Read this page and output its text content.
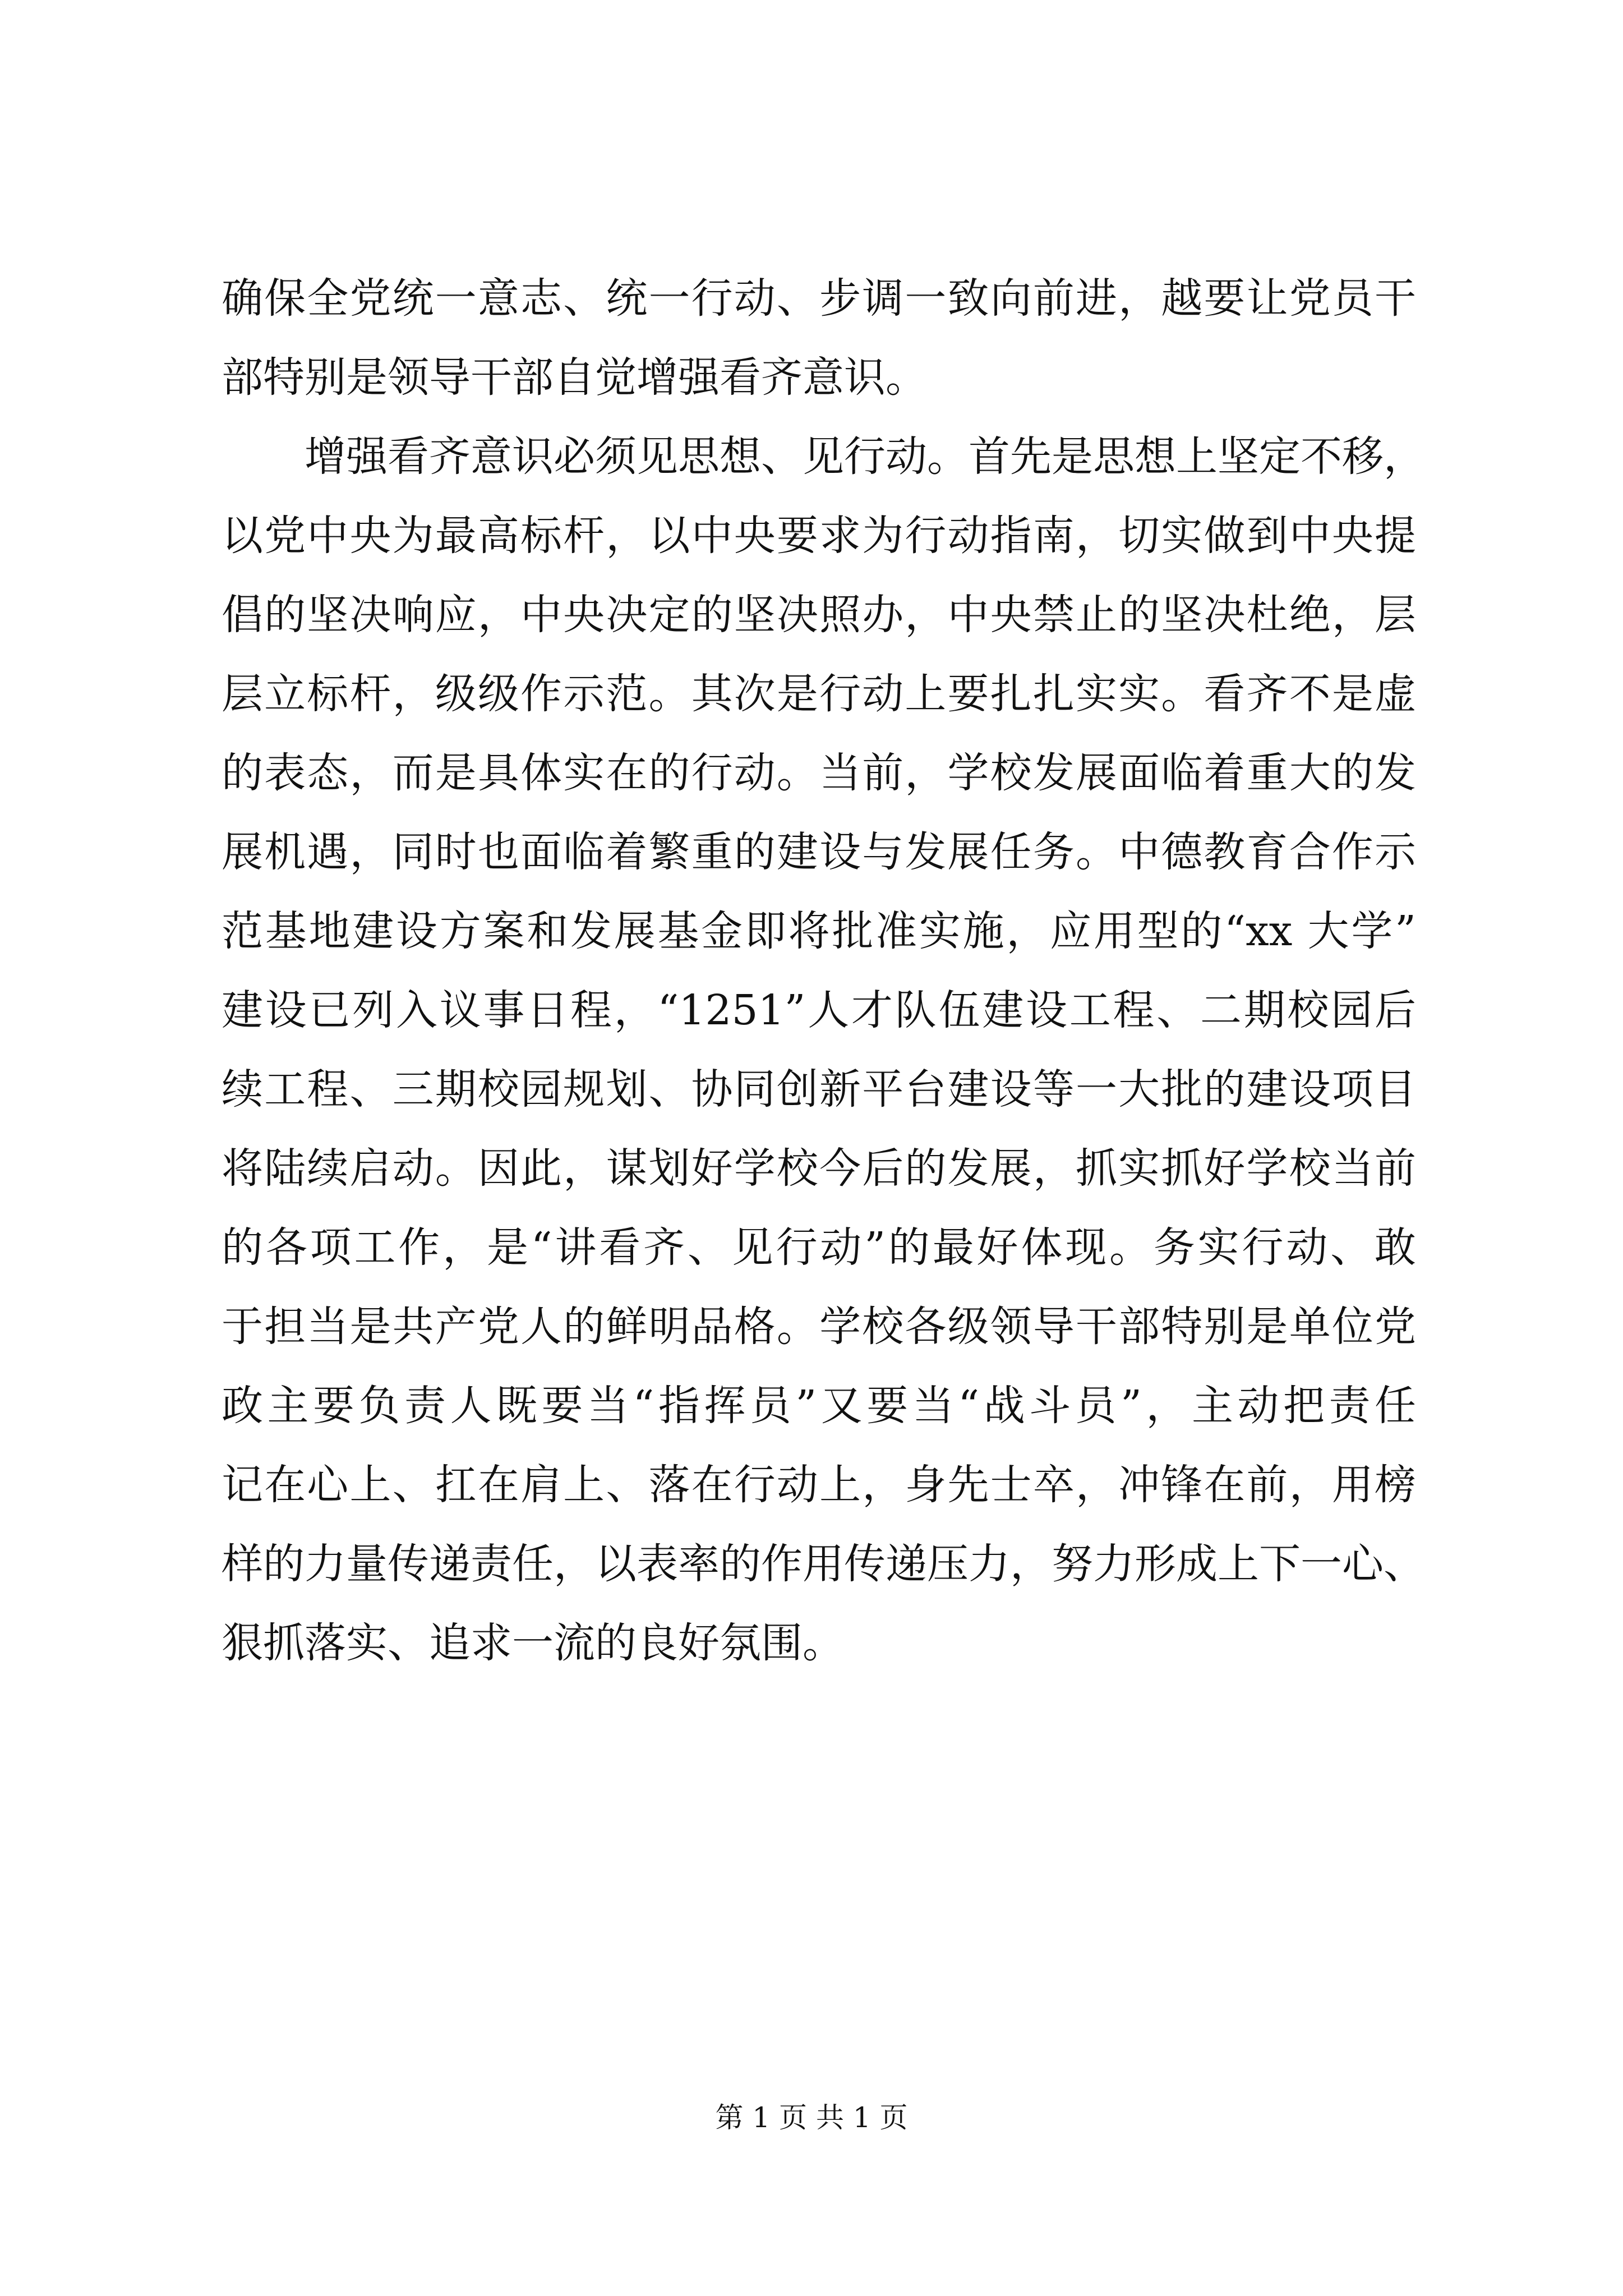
确保全党统一意志、统一行动、步调一致向前进，越要让党员干
部特别是领导干部自觉增强看齐意识。
增强看齐意识必须见思想、见行动。首先是思想上坚定不移，
以党中央为最高标杆，以中央要求为行动指南，切实做到中央提
倡的坚决响应，中央决定的坚决照办，中央禁止的坚决杜绝，层
层立标杆，级级作示范。其次是行动上要扎扎实实。看齐不是虚
的表态，而是具体实在的行动。当前，学校发展面临着重大的发
展机遇，同时也面临着繁重的建设与发展任务。中德教育合作示
范基地建设方案和发展基金即将批准实施，应用型的“xx 大学”
建设已列入议事日程，“1251”人才队伍建设工程、二期校园后
续工程、三期校园规划、协同创新平台建设等一大批的建设项目
将陆续启动。因此，谋划好学校今后的发展，抓实抓好学校当前
的各项工作，是“讲看齐、见行动”的最好体现。务实行动、敢
于担当是共产党人的鲜明品格。学校各级领导干部特别是单位党
政主要负责人既要当“指挥员”又要当“战斗员”，主动把责任
记在心上、扛在肩上、落在行动上，身先士卒，冲锋在前，用榜
样的力量传递责任，以表率的作用传递压力，努力形成上下一心、
狠抓落实、追求一流的良好氛围。
第 1 页 共 1 页
